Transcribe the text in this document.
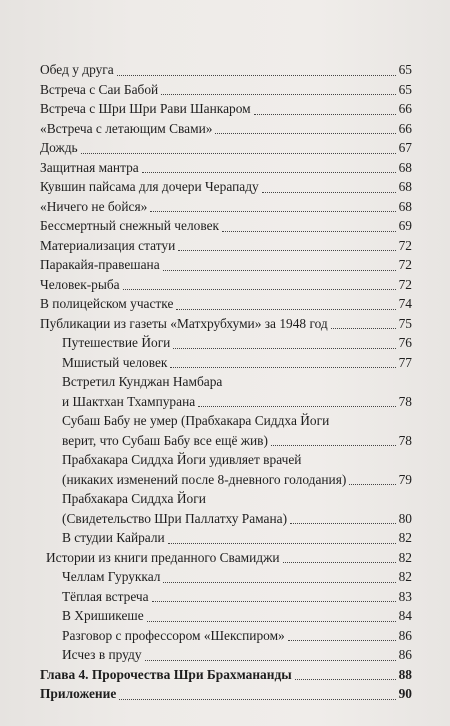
Обед у друга	65
Встреча с Саи Бабой	65
Встреча с Шри Шри Рави Шанкаром	66
«Встреча с летающим Свами»	66
Дождь	67
Защитная мантра	68
Кувшин пайсама для дочери Черападу	68
«Ничего не бойся»	68
Бессмертный снежный человек	69
Материализация статуи	72
Паракайя-правешана	72
Человек-рыба	72
В полицейском участке	74
Публикации из газеты «Матхрубхуми» за 1948 год	75
Путешествие Йоги	76
Мшистый человек	77
Встретил Кунджан Намбара
и Шактхан Тхампурана	78
Субаш Бабу не умер (Прабхакара Сиддха Йоги
верит, что Субаш Бабу все ещё жив)	78
Прабхакара Сиддха Йоги удивляет врачей
(никаких изменений после 8-дневного голодания)	79
Прабхакара Сиддха Йоги
(Свидетельство Шри Паллатху Рамана)	80
В студии Кайрали	82
Истории из книги преданного Свамиджи	82
Челлам Гуруккал	82
Тёплая встреча	83
В Хришикеше	84
Разговор с профессором «Шекспиром»	86
Исчез в пруду	86
Глава 4. Пророчества Шри Брахмананды	88
Приложение	90
